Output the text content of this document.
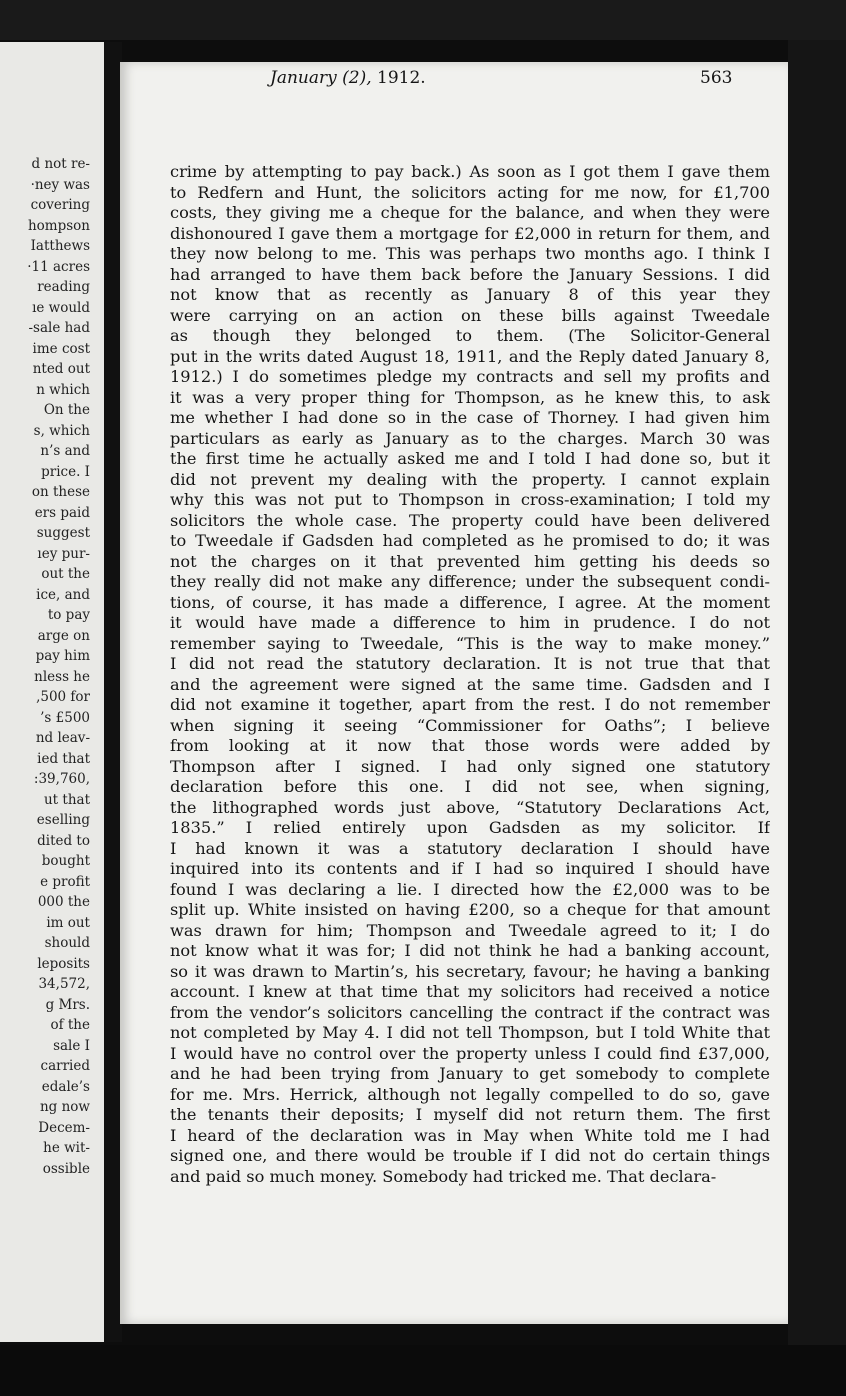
d not re-
·ney was
covering
hompson
Iatthews
·11 acres
reading
ıe would
-sale had
ime cost
nted out
n which
On the
s, which
n’s and
price. I
on these
ers paid
suggest
ıey pur-
out the
ice, and
to pay
arge on
pay him
nless he
,500 for
’s £500
nd leav-
ied that
:39,760,
ut that
eselling
dited to
bought
e profit
000 the
im out
should
leposits
34,572,
g Mrs.
of the
sale I
carried
edale’s
ng now
Decem-
he wit-
ossible
January (2), 1912.	563
crime by attempting to pay back.) As soon as I got them I gave them
to Redfern and Hunt, the solicitors acting for me now, for £1,700
costs, they giving me a cheque for the balance, and when they were
dishonoured I gave them a mortgage for £2,000 in return for them, and
they now belong to me. This was perhaps two months ago. I think I
had arranged to have them back before the January Sessions. I did
not know that as recently as January 8 of this year they
were carrying on an action on these bills against Tweedale
as though they belonged to them. (The Solicitor-General
put in the writs dated August 18, 1911, and the Reply dated January 8,
1912.) I do sometimes pledge my contracts and sell my profits and
it was a very proper thing for Thompson, as he knew this, to ask
me whether I had done so in the case of Thorney. I had given him
particulars as early as January as to the charges. March 30 was
the first time he actually asked me and I told I had done so, but it
did not prevent my dealing with the property. I cannot explain
why this was not put to Thompson in cross-examination; I told my
solicitors the whole case. The property could have been delivered
to Tweedale if Gadsden had completed as he promised to do; it was
not the charges on it that prevented him getting his deeds so
they really did not make any difference; under the subsequent condi-
tions, of course, it has made a difference, I agree. At the moment
it would have made a difference to him in prudence. I do not
remember saying to Tweedale, “This is the way to make money.”
I did not read the statutory declaration. It is not true that that
and the agreement were signed at the same time. Gadsden and I
did not examine it together, apart from the rest. I do not remember
when signing it seeing “Commissioner for Oaths”; I believe
from looking at it now that those words were added by
Thompson after I signed. I had only signed one statutory
declaration before this one. I did not see, when signing,
the lithographed words just above, “Statutory Declarations Act,
1835.” I relied entirely upon Gadsden as my solicitor. If
I had known it was a statutory declaration I should have
inquired into its contents and if I had so inquired I should have
found I was declaring a lie. I directed how the £2,000 was to be
split up. White insisted on having £200, so a cheque for that amount
was drawn for him; Thompson and Tweedale agreed to it; I do
not know what it was for; I did not think he had a banking account,
so it was drawn to Martin’s, his secretary, favour; he having a banking
account. I knew at that time that my solicitors had received a notice
from the vendor’s solicitors cancelling the contract if the contract was
not completed by May 4. I did not tell Thompson, but I told White that
I would have no control over the property unless I could find £37,000,
and he had been trying from January to get somebody to complete
for me. Mrs. Herrick, although not legally compelled to do so, gave
the tenants their deposits; I myself did not return them. The first
I heard of the declaration was in May when White told me I had
signed one, and there would be trouble if I did not do certain things
and paid so much money. Somebody had tricked me. That declara-
